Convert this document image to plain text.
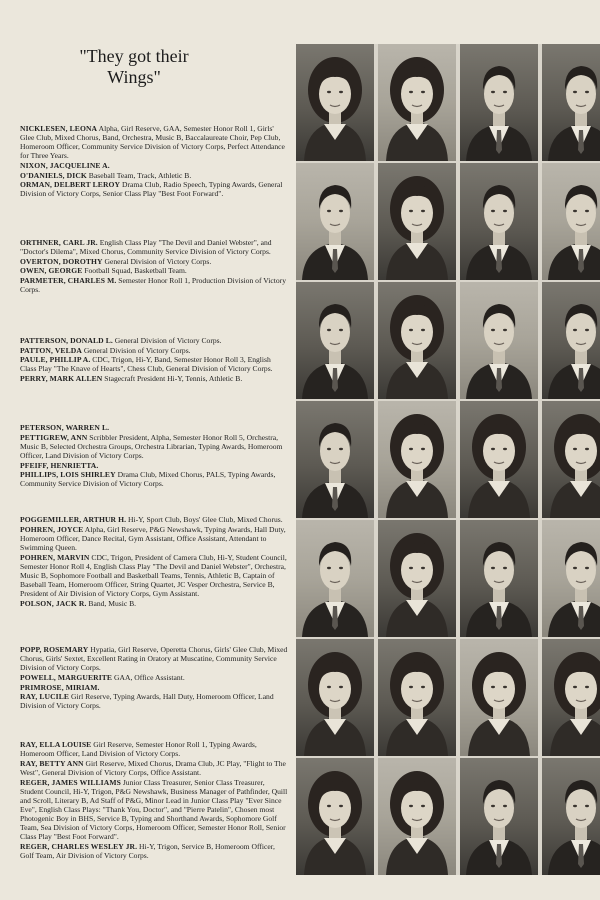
"They got their
Wings"
NICKLESEN, LEONA Alpha, Girl Reserve, GAA, Semester Honor Roll 1, Girls' Glee Club, Mixed Chorus, Band, Orchestra, Music B, Baccalaureate Choir, Pep Club, Homeroom Officer, Community Service Division of Victory Corps, Perfect Attendance for Three Years.
NIXON, JACQUELINE A.
O'DANIELS, DICK Baseball Team, Track, Athletic B.
ORMAN, DELBERT LEROY Drama Club, Radio Speech, Typing Awards, General Division of Victory Corps, Senior Class Play "Best Foot Forward".
ORTHNER, CARL JR. English Class Play "The Devil and Daniel Webster", and "Doctor's Dilema", Mixed Chorus, Community Service Division of Victory Corps.
OVERTON, DOROTHY General Division of Victory Corps.
OWEN, GEORGE Football Squad, Basketball Team.
PARMETER, CHARLES M. Semester Honor Roll 1, Production Division of Victory Corps.
PATTERSON, DONALD L. General Division of Victory Corps.
PATTON, VELDA General Division of Victory Corps.
PAULE, PHILLIP A. CDC, Trigon, Hi-Y, Band, Semester Honor Roll 3, English Class Play "The Knave of Hearts", Chess Club, General Division of Victory Corps.
PERRY, MARK ALLEN Stagecraft President Hi-Y, Tennis, Athletic B.
PETERSON, WARREN L.
PETTIGREW, ANN Scribbler President, Alpha, Semester Honor Roll 5, Orchestra, Music B, Selected Orchestra Groups, Orchestra Librarian, Typing Awards, Homeroom Officer, Land Division of Victory Corps.
PFEIFF, HENRIETTA.
PHILLIPS, LOIS SHIRLEY Drama Club, Mixed Chorus, PALS, Typing Awards, Community Service Division of Victory Corps.
POGGEMILLER, ARTHUR H. Hi-Y, Sport Club, Boys' Glee Club, Mixed Chorus.
POHREN, JOYCE Alpha, Girl Reserve, P&G Newshawk, Typing Awards, Hall Duty, Homeroom Officer, Dance Recital, Gym Assistant, Office Assistant, Attendant to Swimming Queen.
POHREN, MARVIN CDC, Trigon, President of Camera Club, Hi-Y, Student Council, Semester Honor Roll 4, English Class Play "The Devil and Daniel Webster", Orchestra, Music B, Sophomore Football and Basketball Teams, Tennis, Athletic B, Captain of Baseball Team, Homeroom Officer, String Quartet, JC Vesper Orchestra, Service B, President of Air Division of Victory Corps, Gym Assistant.
POLSON, JACK R. Band, Music B.
POPP, ROSEMARY Hypatia, Girl Reserve, Operetta Chorus, Girls' Glee Club, Mixed Chorus, Girls' Sextet, Excellent Rating in Oratory at Muscatine, Community Service Division of Victory Corps.
POWELL, MARGUERITE GAA, Office Assistant.
PRIMROSE, MIRIAM.
RAY, LUCILE Girl Reserve, Typing Awards, Hall Duty, Homeroom Officer, Land Division of Victory Corps.
RAY, ELLA LOUISE Girl Reserve, Semester Honor Roll 1, Typing Awards, Homeroom Officer, Land Division of Victory Corps.
RAY, BETTY ANN Girl Reserve, Mixed Chorus, Drama Club, JC Play, "Flight to The West", General Division of Victory Corps, Office Assistant.
REGER, JAMES WILLIAMS Junior Class Treasurer, Senior Class Treasurer, Student Council, Hi-Y, Trigon, P&G Newshawk, Business Manager of Pathfinder, Quill and Scroll, Literary B, Ad Staff of P&G, Minor Lead in Junior Class Play "Ever Since Eve", English Class Plays: "Thank You, Doctor", and "Pierre Patelin", Chosen most Photogenic Boy in BHS, Service B, Typing and Shorthand Awards, Sophomore Golf Team, Sea Division of Victory Corps, Homeroom Officer, Semester Honor Roll, Senior Class Play "Best Foot Forward".
REGER, CHARLES WESLEY JR. Hi-Y, Trigon, Service B, Homeroom Officer, Golf Team, Air Division of Victory Corps.
